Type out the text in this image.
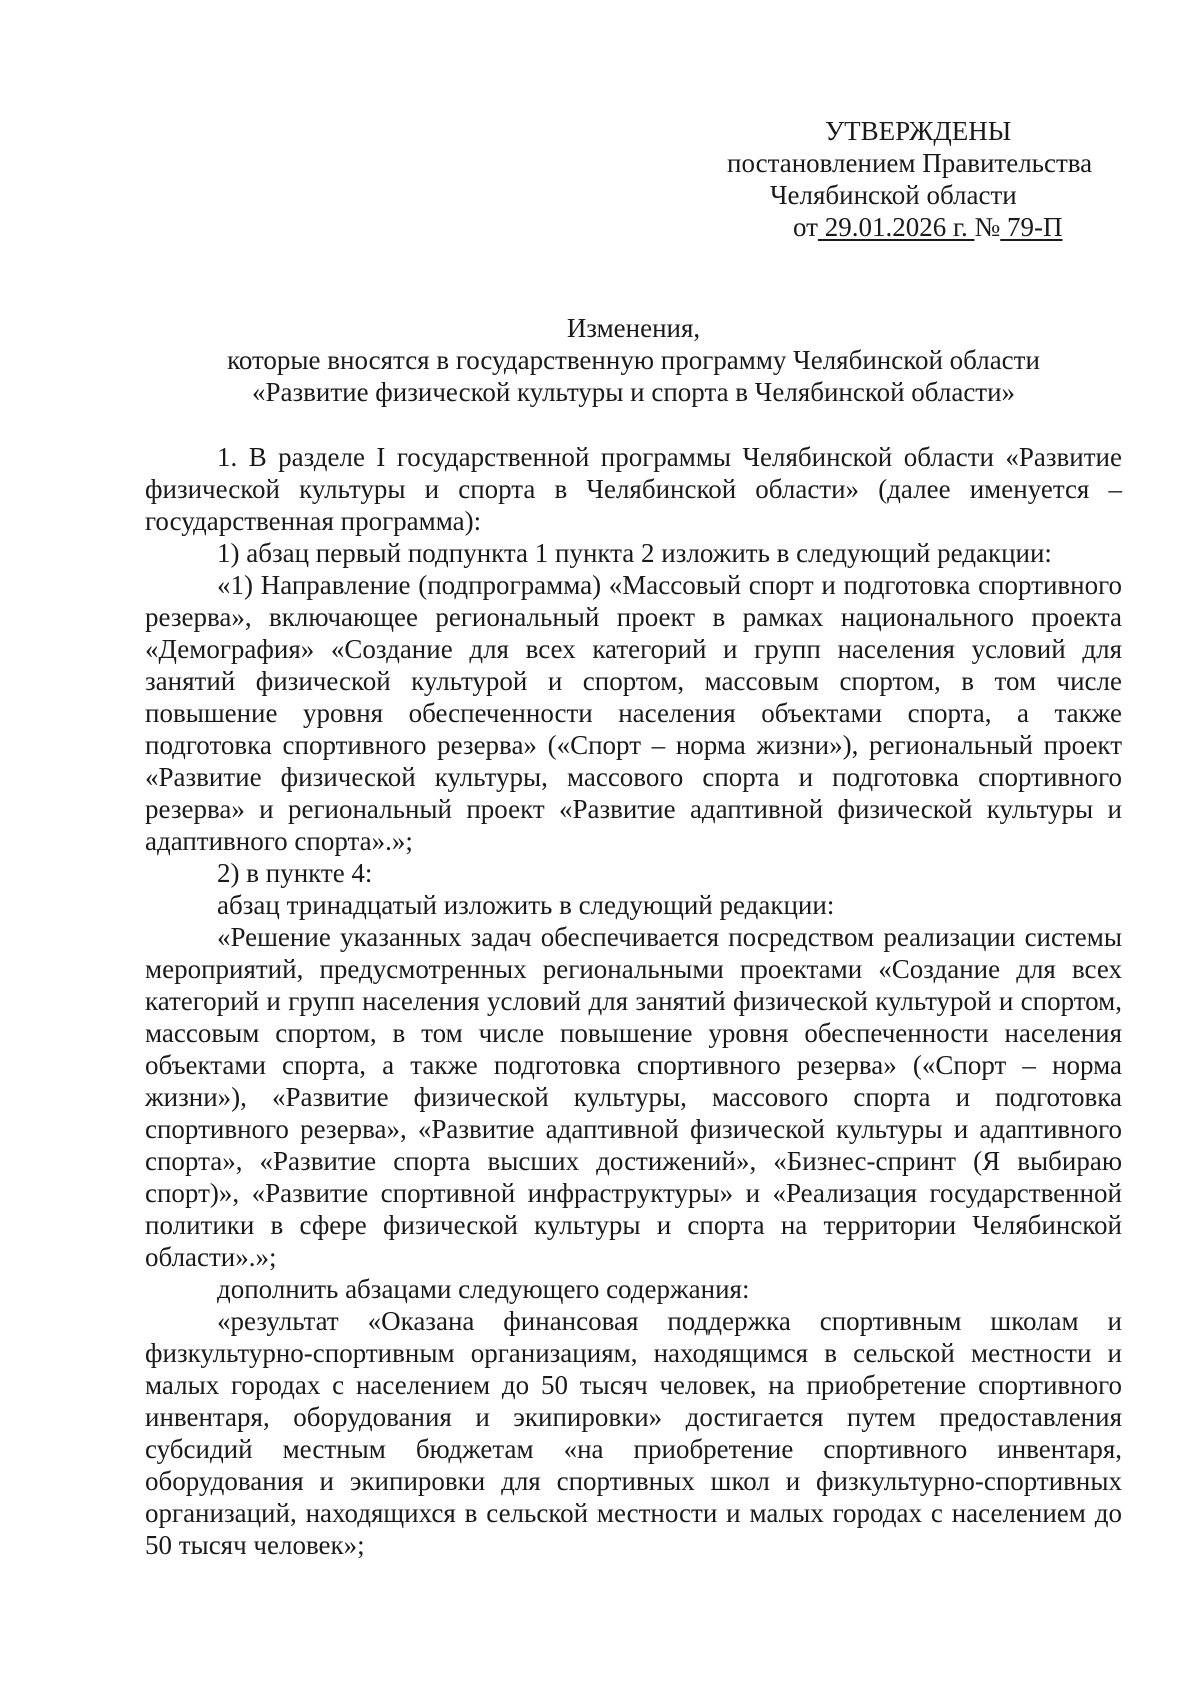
УТВЕРЖДЕНЫ
постановлением Правительства
Челябинской области
от 29.01.2026 г. № 79-П
Изменения,
которые вносятся в государственную программу Челябинской области
«Развитие физической культуры и спорта в Челябинской области»

1. В разделе I государственной программы Челябинской области «Развитие физической культуры и спорта в Челябинской области» (далее именуется – государственная программа):

1) абзац первый подпункта 1 пункта 2 изложить в следующий редакции:

«1) Направление (подпрограмма) «Массовый спорт и подготовка спортивного резерва», включающее региональный проект в рамках национального проекта «Демография» «Создание для всех категорий и групп населения условий для занятий физической культурой и спортом, массовым спортом, в том числе повышение уровня обеспеченности населения объектами спорта, а также подготовка спортивного резерва» («Спорт – норма жизни»), региональный проект «Развитие физической культуры, массового спорта и подготовка спортивного резерва» и региональный проект «Развитие адаптивной физической культуры и адаптивного спорта».»;

2) в пункте 4:

абзац тринадцатый изложить в следующий редакции:

«Решение указанных задач обеспечивается посредством реализации системы мероприятий, предусмотренных региональными проектами «Создание для всех категорий и групп населения условий для занятий физической культурой и спортом, массовым спортом, в том числе повышение уровня обеспеченности населения объектами спорта, а также подготовка спортивного резерва» («Спорт – норма жизни»), «Развитие физической культуры, массового спорта и подготовка спортивного резерва», «Развитие адаптивной физической культуры и адаптивного спорта», «Развитие спорта высших достижений», «Бизнес-спринт (Я выбираю спорт)», «Развитие спортивной инфраструктуры» и «Реализация государственной политики в сфере физической культуры и спорта на территории Челябинской области».»;

дополнить абзацами следующего содержания:

«результат «Оказана финансовая поддержка спортивным школам и физкультурно-спортивным организациям, находящимся в сельской местности и малых городах с населением до 50 тысяч человек, на приобретение спортивного инвентаря, оборудования и экипировки» достигается путем предоставления субсидий местным бюджетам «на приобретение спортивного инвентаря, оборудования и экипировки для спортивных школ и физкультурно-спортивных организаций, находящихся в сельской местности и малых городах с населением до 50 тысяч человек»;
